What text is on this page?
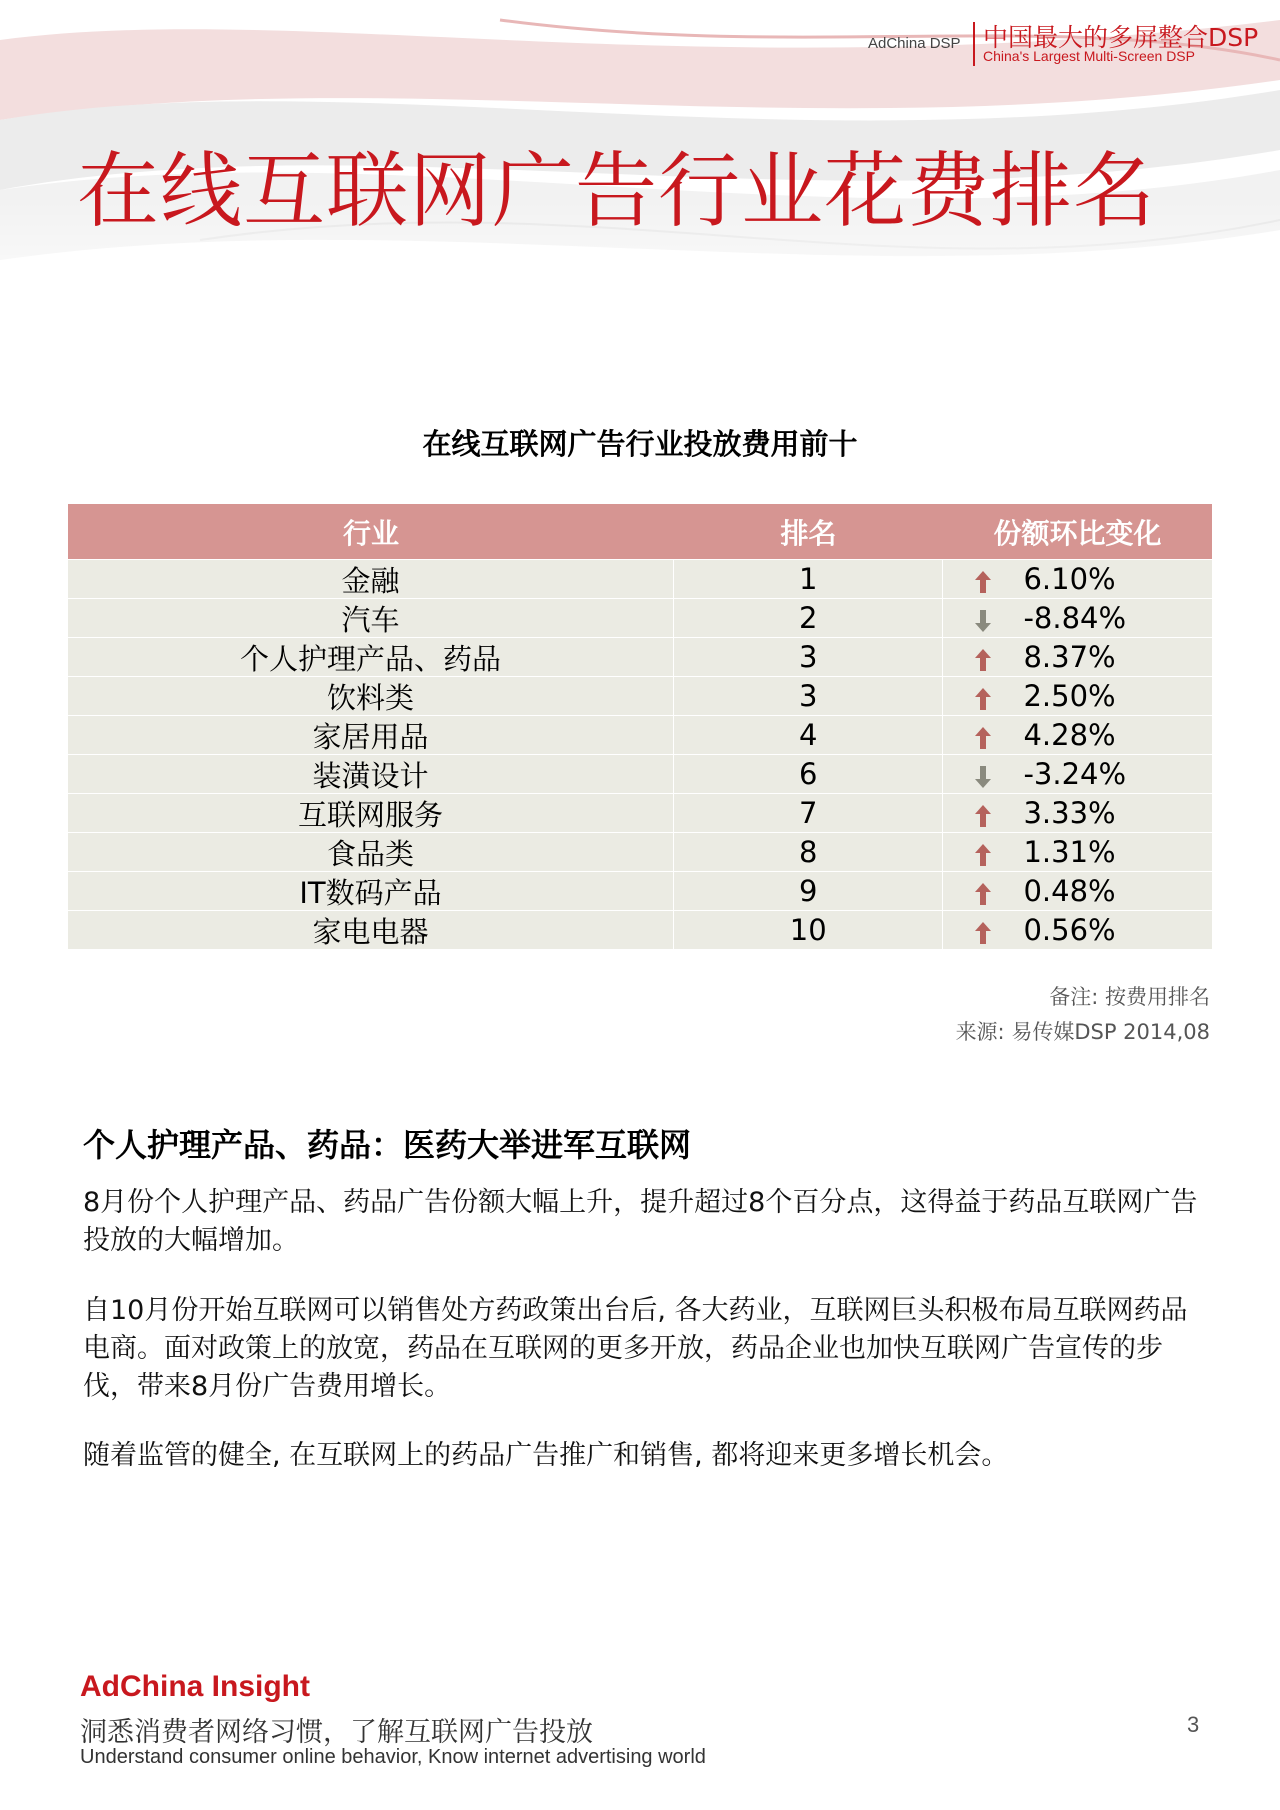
AdChina DSP 中国最大的多屏整合DSP
China's Largest Multi-Screen DSP
在线互联网广告行业花费排名
在线互联网广告行业投放费用前十
行业	排名	份额环比变化
金融	1	6.10%
汽车	2	-8.84%
个人护理产品、药品	3	8.37%
饮料类	3	2.50%
家居用品	4	4.28%
装潢设计	6	-3.24%
互联网服务	7	3.33%
食品类	8	1.31%
IT数码产品	9	0.48%
家电电器	10	0.56%
备注: 按费用排名
来源: 易传媒DSP 2014,08
个人护理产品、药品：医药大举进军互联网

8月份个人护理产品、药品广告份额大幅上升，提升超过8个百分点，这得益于药品互联网广告投放的大幅增加。

自10月份开始互联网可以销售处方药政策出台后, 各大药业，互联网巨头积极布局互联网药品电商。面对政策上的放宽，药品在互联网的更多开放，药品企业也加快互联网广告宣传的步伐，带来8月份广告费用增长。

随着监管的健全, 在互联网上的药品广告推广和销售, 都将迎来更多增长机会。

AdChina Insight
洞悉消费者网络习惯，了解互联网广告投放
Understand consumer online behavior, Know internet advertising world
3
